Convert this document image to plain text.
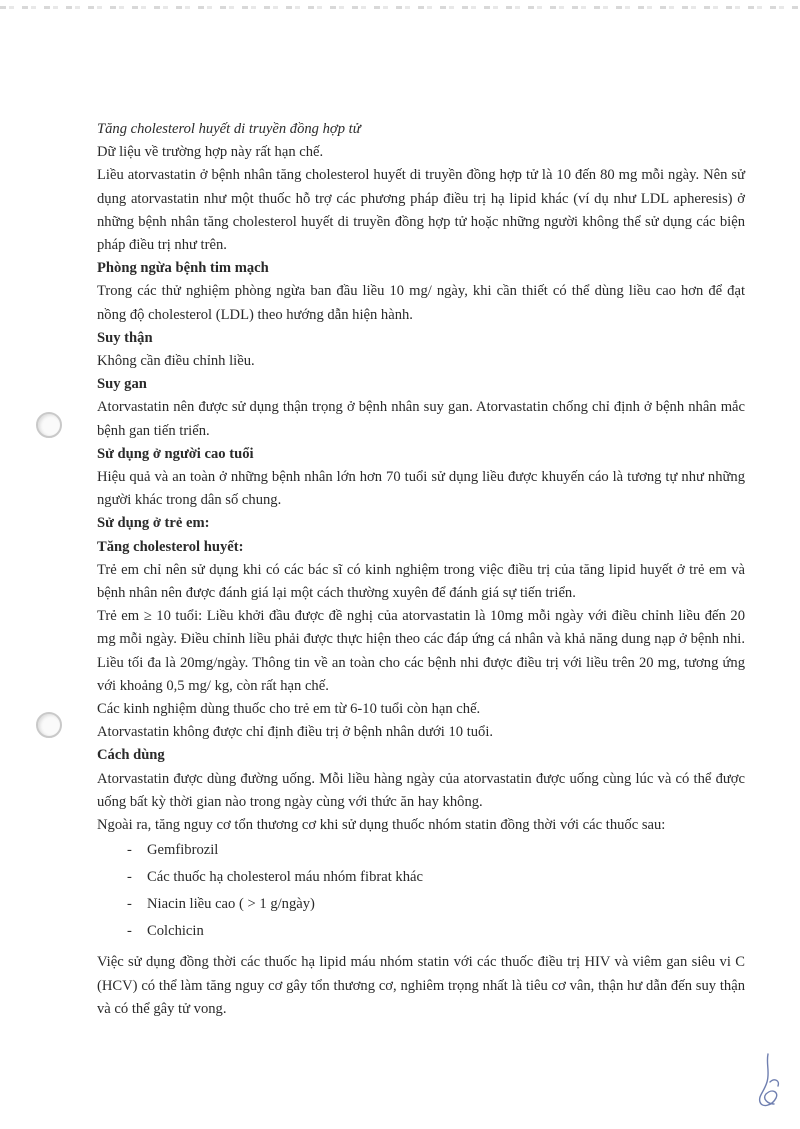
Tăng cholesterol huyết di truyền đồng hợp tử

Dữ liệu về trường hợp này rất hạn chế.

Liều atorvastatin ở bệnh nhân tăng cholesterol huyết di truyền đồng hợp tử là 10 đến 80 mg mỗi ngày. Nên sử dụng atorvastatin như một thuốc hỗ trợ các phương pháp điều trị hạ lipid khác (ví dụ như LDL apheresis) ở những bệnh nhân tăng cholesterol huyết di truyền đồng hợp tử hoặc những người không thể sử dụng các biện pháp điều trị như trên.

Phòng ngừa bệnh tim mạch

Trong các thử nghiệm phòng ngừa ban đầu liều 10 mg/ ngày, khi cần thiết có thể dùng liều cao hơn để đạt nồng độ cholesterol (LDL) theo hướng dẫn hiện hành.

Suy thận

Không cần điều chỉnh liều.

Suy gan

Atorvastatin nên được sử dụng thận trọng ở bệnh nhân suy gan. Atorvastatin chống chỉ định ở bệnh nhân mắc bệnh gan tiến triển.

Sử dụng ở người cao tuổi

Hiệu quả và an toàn ở những bệnh nhân lớn hơn 70 tuổi sử dụng liều được khuyến cáo là tương tự như những người khác trong dân số chung.

Sử dụng ở trẻ em:

Tăng cholesterol huyết:

Trẻ em chỉ nên sử dụng khi có các bác sĩ có kinh nghiệm trong việc điều trị của tăng lipid huyết ở trẻ em và bệnh nhân nên được đánh giá lại một cách thường xuyên để đánh giá sự tiến triển.

Trẻ em ≥ 10 tuổi: Liều khởi đầu được đề nghị của atorvastatin là 10mg mỗi ngày với điều chỉnh liều đến 20 mg mỗi ngày. Điều chỉnh liều phải được thực hiện theo các đáp ứng cá nhân và khả năng dung nạp ở bệnh nhi. Liều tối đa là 20mg/ngày. Thông tin về an toàn cho các bệnh nhi được điều trị với liều trên 20 mg, tương ứng với khoảng 0,5 mg/ kg, còn rất hạn chế.

Các kinh nghiệm dùng thuốc cho trẻ em từ 6-10 tuổi còn hạn chế.

Atorvastatin không được chỉ định điều trị ở bệnh nhân dưới 10 tuổi.

Cách dùng

Atorvastatin được dùng đường uống. Mỗi liều hàng ngày của atorvastatin được uống cùng lúc và có thể được uống bất kỳ thời gian nào trong ngày cùng với thức ăn hay không.

Ngoài ra, tăng nguy cơ tổn thương cơ khi sử dụng thuốc nhóm statin đồng thời với các thuốc sau:

- Gemfibrozil
- Các thuốc hạ cholesterol máu nhóm fibrat khác
- Niacin liều cao ( > 1 g/ngày)
- Colchicin

Việc sử dụng đồng thời các thuốc hạ lipid máu nhóm statin với các thuốc điều trị HIV và viêm gan siêu vi C (HCV) có thể làm tăng nguy cơ gây tổn thương cơ, nghiêm trọng nhất là tiêu cơ vân, thận hư dẫn đến suy thận và có thể gây tử vong.
